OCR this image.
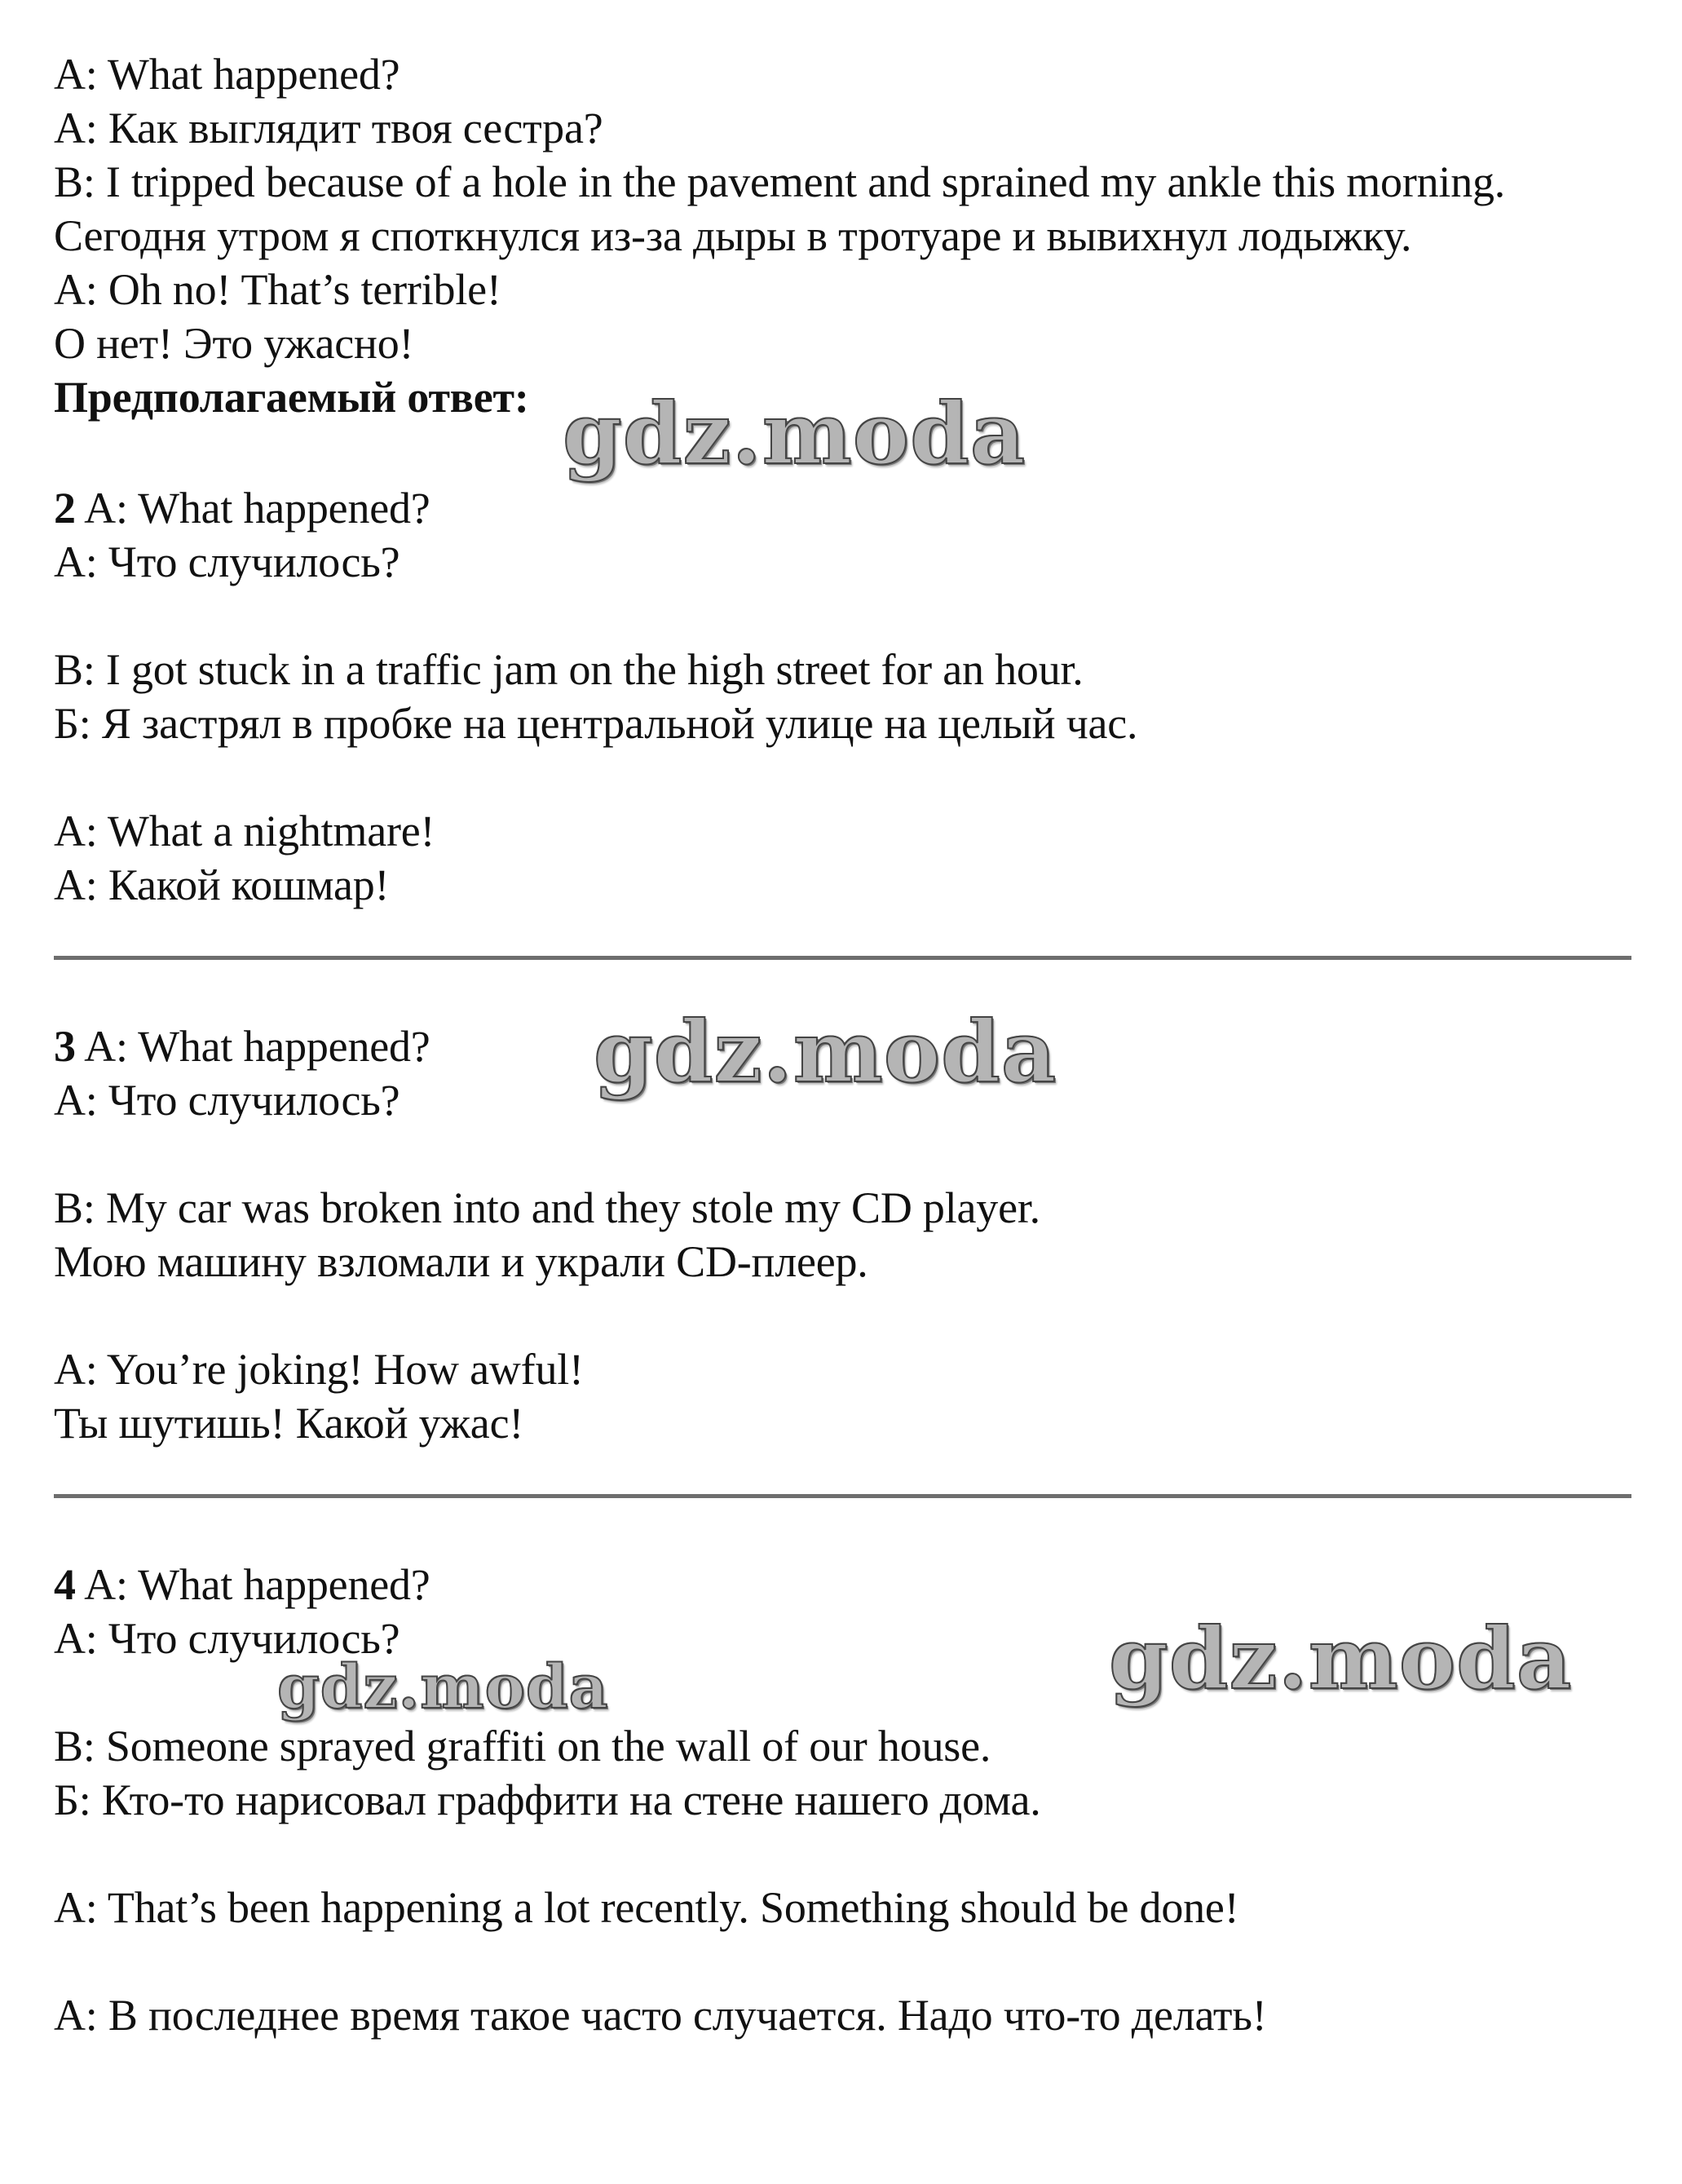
A: What happened?
A: Как выглядит твоя сестра?
B: I tripped because of a hole in the pavement and sprained my ankle this morning.
Сегодня утром я споткнулся из-за дыры в тротуаре и вывихнул лодыжку.
A: Oh no! That’s terrible!
О нет! Это ужасно!
Предполагаемый ответ: gdz.moda
2 A: What happened?
А: Что случилось?
B: I got stuck in a traffic jam on the high street for an hour.
Б: Я застрял в пробке на центральной улице на целый час.
A: What a nightmare!
А: Какой кошмар!
3 A: What happened?
А: Что случилось? gdz.moda
B: My car was broken into and they stole my CD player.
Мою машину взломали и украли CD-плеер.
A: You’re joking! How awful!
Ты шутишь! Какой ужас!
4 A: What happened?
А: Что случилось?
gdz.moda	gdz.moda
B: Someone sprayed graffiti on the wall of our house.
Б: Кто-то нарисовал граффити на стене нашего дома.
A: That’s been happening a lot recently. Something should be done!
А: В последнее время такое часто случается. Надо что-то делать!
